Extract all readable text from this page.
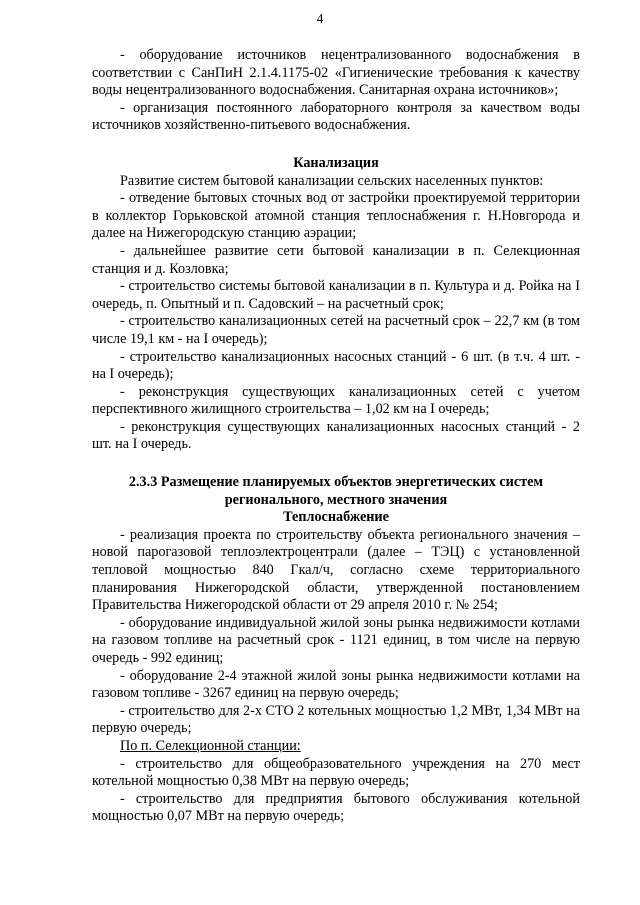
4

- оборудование источников нецентрализованного водоснабжения в соответствии с СанПиН 2.1.4.1175-02 «Гигиенические требования к качеству воды нецентрализованного водоснабжения. Санитарная охрана источников»;

- организация постоянного лабораторного контроля за качеством воды источников хозяйственно-питьевого водоснабжения.

Канализация

Развитие систем бытовой канализации сельских населенных пунктов:

- отведение бытовых сточных вод от застройки проектируемой территории в коллектор Горьковской атомной станция теплоснабжения г. Н.Новгорода и далее на Нижегородскую станцию аэрации;

- дальнейшее развитие сети бытовой канализации в п. Селекционная станция и д. Козловка;

- строительство системы бытовой канализации в п. Культура и д. Ройка на I очередь, п. Опытный и п. Садовский – на расчетный срок;

- строительство канализационных сетей на расчетный срок – 22,7 км (в том числе 19,1 км - на I очередь);

- строительство канализационных насосных станций - 6 шт. (в т.ч. 4 шт. - на I очередь);

- реконструкция существующих канализационных сетей с учетом перспективного жилищного строительства – 1,02 км на I очередь;

- реконструкция существующих канализационных насосных станций - 2 шт. на I очередь.

2.3.3 Размещение планируемых объектов энергетических систем
регионального, местного значения
Теплоснабжение

- реализация проекта по строительству объекта регионального значения – новой парогазовой теплоэлектроцентрали (далее – ТЭЦ) с установленной тепловой мощностью 840 Гкал/ч, согласно схеме территориального планирования Нижегородской области, утвержденной постановлением Правительства Нижегородской области от 29 апреля 2010 г. № 254;

- оборудование индивидуальной жилой зоны рынка недвижимости котлами на газовом топливе на расчетный срок - 1121 единиц, в том числе на первую очередь - 992 единиц;

- оборудование 2-4 этажной жилой зоны рынка недвижимости котлами на газовом топливе - 3267 единиц на первую очередь;

- строительство для 2-х СТО 2 котельных мощностью 1,2 МВт, 1,34 МВт на первую очередь;

По п. Селекционной станции:

- строительство для общеобразовательного учреждения на 270 мест котельной мощностью 0,38 МВт на первую очередь;

- строительство для предприятия бытового обслуживания котельной мощностью 0,07 МВт на первую очередь;
